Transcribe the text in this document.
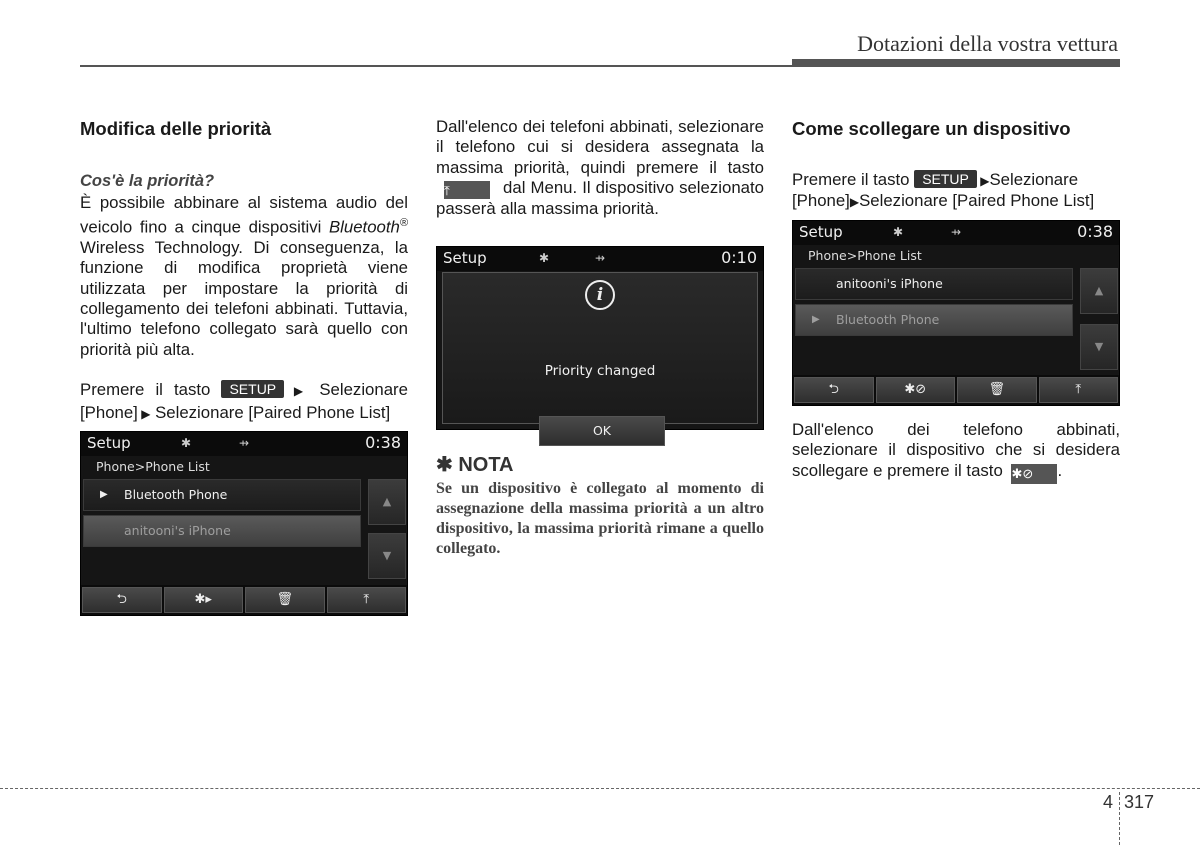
Dotazioni della vostra vettura
Modifica delle priorità
Cos'è la priorità?

È possibile abbinare al sistema audio del veicolo fino a cinque dispositivi Bluetooth® Wireless Technology. Di conseguenza, la funzione di modifica proprietà viene utilizzata per impostare la priorità di collegamento dei telefoni abbinati. Tuttavia, l'ultimo telefono collegato sarà quello con priorità più alta.

Premere il tasto SETUP ▶ Selezionare [Phone] ▶ Selezionare [Paired Phone List]

Setup	✱	⇸	0:38
Phone>Phone List
▶ Bluetooth Phone
anitooni's iPhone
▲
▼
⮌	✱▸	🗑	⤒

Dall'elenco dei telefoni abbinati, selezionare il telefono cui si desidera assegnata la massima priorità, quindi premere il tasto ⤒	dal Menu. Il dispositivo selezionato passerà alla massima priorità.

Setup	✱	⇸	0:10
i
Priority changed
OK
✱ NOTA

Se un dispositivo è collegato al momento di assegnazione della massima priorità a un altro dispositivo, la massima priorità rimane a quello collegato.

Come scollegare un dispositivo

Premere il tasto SETUP ▶Selezionare [Phone]▶Selezionare [Paired Phone List]

Setup	✱	⇸	0:38
Phone>Phone List
anitooni's iPhone
▶ Bluetooth Phone
▲
▼
⮌	✱⊘	🗑	⤒

Dall'elenco dei telefono abbinati, selezionare il dispositivo che si desidera scollegare e premere il tasto ✱⊘ .

4 317
